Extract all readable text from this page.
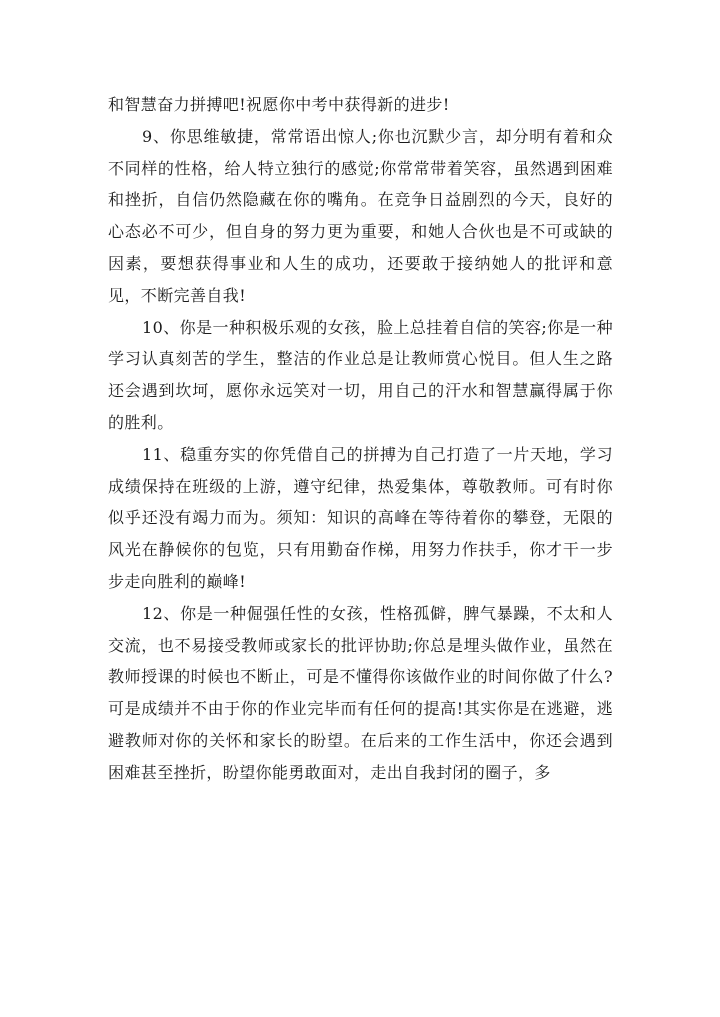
和智慧奋力拼搏吧!祝愿你中考中获得新的进步!

9、你思维敏捷，常常语出惊人;你也沉默少言，却分明有着和众不同样的性格，给人特立独行的感觉;你常常带着笑容，虽然遇到困难和挫折，自信仍然隐藏在你的嘴角。在竞争日益剧烈的今天，良好的心态必不可少，但自身的努力更为重要，和她人合伙也是不可或缺的因素，要想获得事业和人生的成功，还要敢于接纳她人的批评和意见，不断完善自我!

10、你是一种积极乐观的女孩，脸上总挂着自信的笑容;你是一种学习认真刻苦的学生，整洁的作业总是让教师赏心悦目。但人生之路还会遇到坎坷，愿你永远笑对一切，用自己的汗水和智慧赢得属于你的胜利。

11、稳重夯实的你凭借自己的拼搏为自己打造了一片天地，学习成绩保持在班级的上游，遵守纪律，热爱集体，尊敬教师。可有时你似乎还没有竭力而为。须知：知识的高峰在等待着你的攀登，无限的风光在静候你的包览，只有用勤奋作梯，用努力作扶手，你才干一步步走向胜利的巅峰!

12、你是一种倔强任性的女孩，性格孤僻，脾气暴躁，不太和人交流，也不易接受教师或家长的批评协助;你总是埋头做作业，虽然在教师授课的时候也不断止，可是不懂得你该做作业的时间你做了什么?可是成绩并不由于你的作业完毕而有任何的提高!其实你是在逃避，逃避教师对你的关怀和家长的盼望。在后来的工作生活中，你还会遇到困难甚至挫折，盼望你能勇敢面对，走出自我封闭的圈子，多
